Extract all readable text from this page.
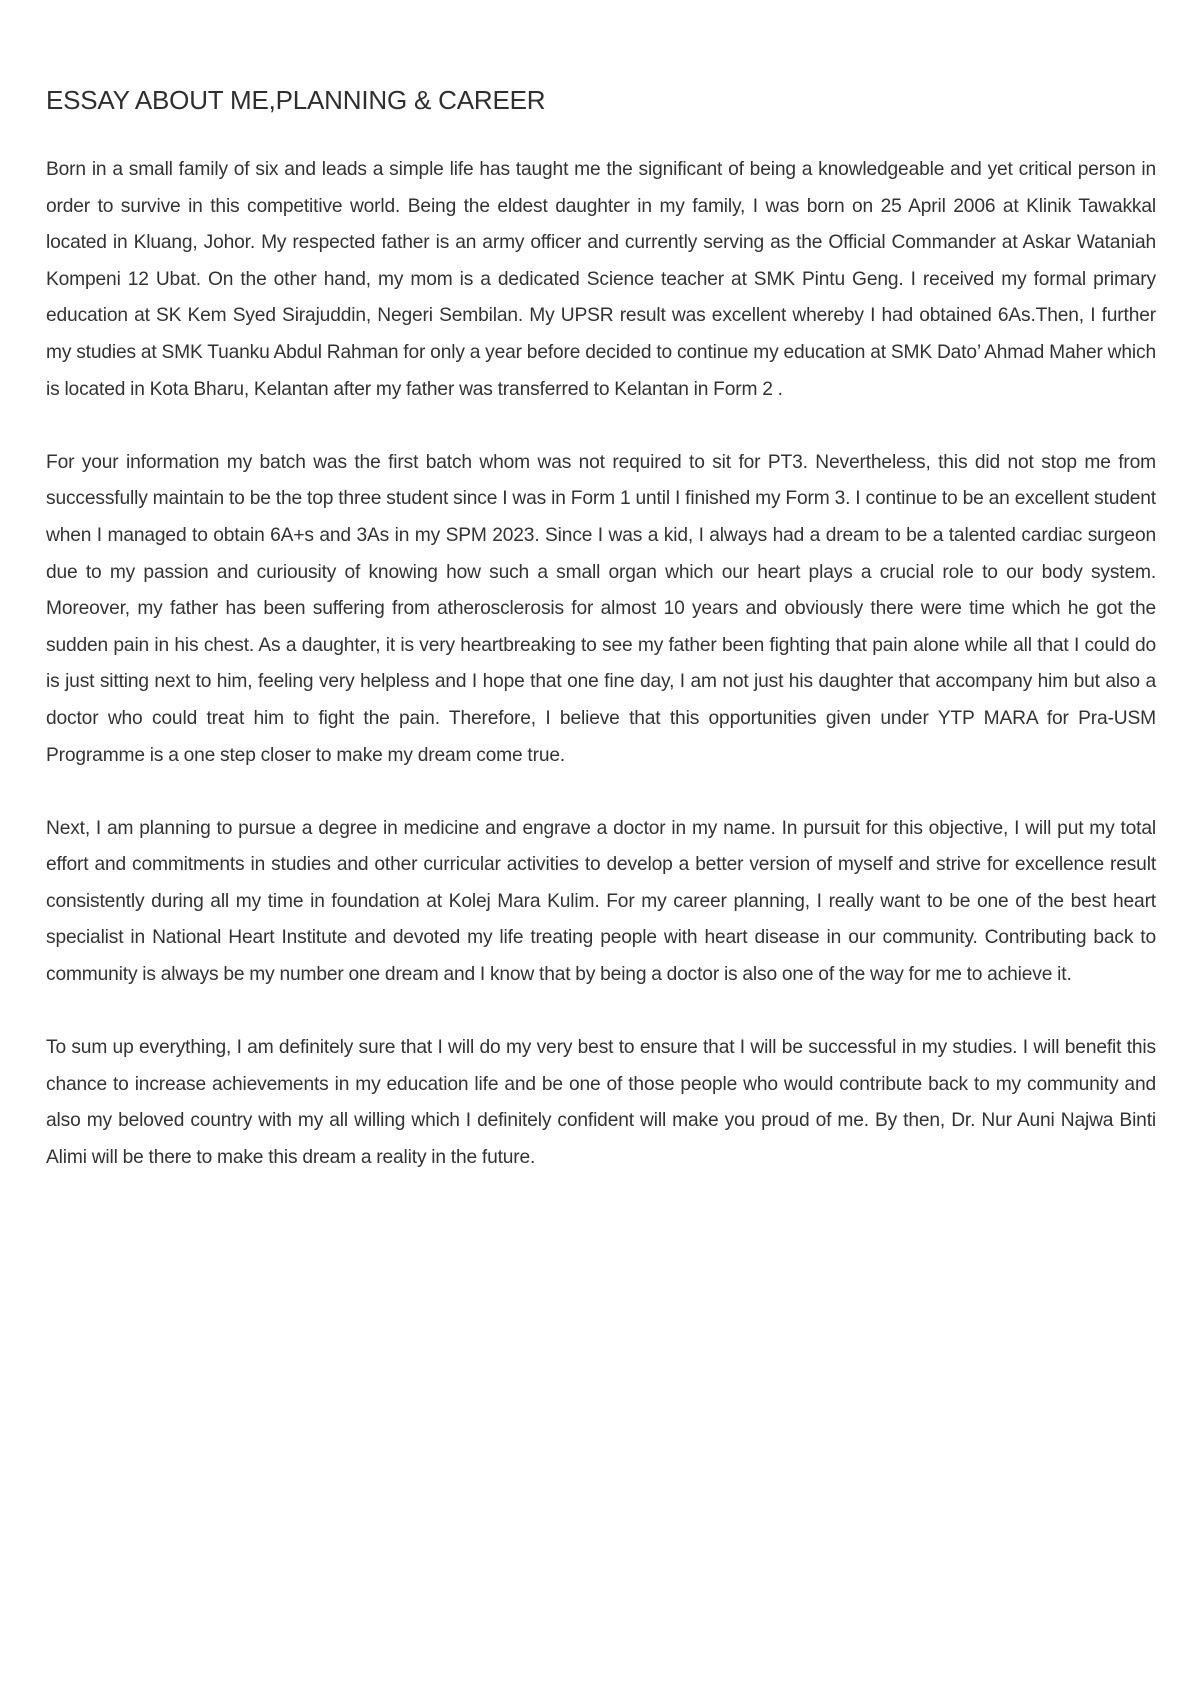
ESSAY ABOUT ME,PLANNING & CAREER

Born in a small family of six and leads a simple life has taught me the significant of being a knowledgeable and yet critical person in order to survive in this competitive world. Being the eldest daughter in my family, I was born on 25 April 2006 at Klinik Tawakkal located in Kluang, Johor. My respected father is an army officer and currently serving as the Official Commander at Askar Wataniah Kompeni 12 Ubat. On the other hand, my mom is a dedicated Science teacher at SMK Pintu Geng. I received my formal primary education at SK Kem Syed Sirajuddin, Negeri Sembilan. My UPSR result was excellent whereby I had obtained 6As.Then, I further my studies at SMK Tuanku Abdul Rahman for only a year before decided to continue my education at SMK Dato’ Ahmad Maher which is located in Kota Bharu, Kelantan after my father was transferred to Kelantan in Form 2 .

For your information my batch was the first batch whom was not required to sit for PT3. Nevertheless, this did not stop me from successfully maintain to be the top three student since I was in Form 1 until I finished my Form 3. I continue to be an excellent student when I managed to obtain 6A+s and 3As in my SPM 2023. Since I was a kid, I always had a dream to be a talented cardiac surgeon due to my passion and curiousity of knowing how such a small organ which our heart plays a crucial role to our body system. Moreover, my father has been suffering from atherosclerosis for almost 10 years and obviously there were time which he got the sudden pain in his chest. As a daughter, it is very heartbreaking to see my father been fighting that pain alone while all that I could do is just sitting next to him, feeling very helpless and I hope that one fine day, I am not just his daughter that accompany him but also a doctor who could treat him to fight the pain. Therefore, I believe that this opportunities given under YTP MARA for Pra-USM Programme is a one step closer to make my dream come true.

Next, I am planning to pursue a degree in medicine and engrave a doctor in my name. In pursuit for this objective, I will put my total effort and commitments in studies and other curricular activities to develop a better version of myself and strive for excellence result consistently during all my time in foundation at Kolej Mara Kulim. For my career planning, I really want to be one of the best heart specialist in National Heart Institute and devoted my life treating people with heart disease in our community. Contributing back to community is always be my number one dream and I know that by being a doctor is also one of the way for me to achieve it.

To sum up everything, I am definitely sure that I will do my very best to ensure that I will be successful in my studies. I will benefit this chance to increase achievements in my education life and be one of those people who would contribute back to my community and also my beloved country with my all willing which I definitely confident will make you proud of me. By then, Dr. Nur Auni Najwa Binti Alimi will be there to make this dream a reality in the future.
